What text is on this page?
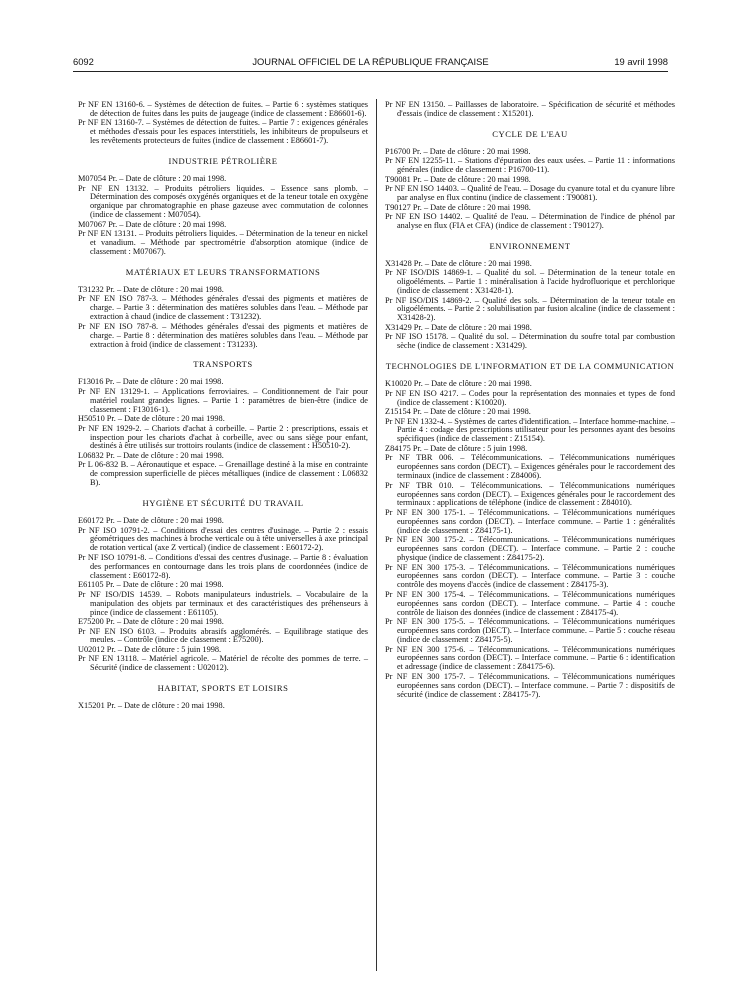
6092	JOURNAL OFFICIEL DE LA RÉPUBLIQUE FRANÇAISE	19 avril 1998
Pr NF EN 13160-6. – Systèmes de détection de fuites. – Partie 6 : systèmes statiques de détection de fuites dans les puits de jaugeage (indice de classement : E86601-6).
Pr NF EN 13160-7. – Systèmes de détection de fuites. – Partie 7 : exigences générales et méthodes d'essais pour les espaces interstitiels, les inhibiteurs de propulseurs et les revêtements protecteurs de fuites (indice de classement : E86601-7).
INDUSTRIE PÉTROLIÈRE
M07054 Pr. – Date de clôture : 20 mai 1998.
Pr NF EN 13132. – Produits pétroliers liquides. – Essence sans plomb. – Détermination des composés oxygénés organiques et de la teneur totale en oxygène organique par chromatographie en phase gazeuse avec commutation de colonnes (indice de classement : M07054).
M07067 Pr. – Date de clôture : 20 mai 1998.
Pr NF EN 13131. – Produits pétroliers liquides. – Détermination de la teneur en nickel et vanadium. – Méthode par spectrométrie d'absorption atomique (indice de classement : M07067).
MATÉRIAUX ET LEURS TRANSFORMATIONS
T31232 Pr. – Date de clôture : 20 mai 1998.
Pr NF EN ISO 787-3. – Méthodes générales d'essai des pigments et matières de charge. – Partie 3 : détermination des matières solubles dans l'eau. – Méthode par extraction à chaud (indice de classement : T31232).
Pr NF EN ISO 787-8. – Méthodes générales d'essai des pigments et matières de charge. – Partie 8 : détermination des matières solubles dans l'eau. – Méthode par extraction à froid (indice de classement : T31233).
TRANSPORTS
F13016 Pr. – Date de clôture : 20 mai 1998.
Pr NF EN 13129-1. – Applications ferroviaires. – Conditionnement de l'air pour matériel roulant grandes lignes. – Partie 1 : paramètres de bien-être (indice de classement : F13016-1).
H50510 Pr. – Date de clôture : 20 mai 1998.
Pr NF EN 1929-2. – Chariots d'achat à corbeille. – Partie 2 : prescriptions, essais et inspection pour les chariots d'achat à corbeille, avec ou sans siège pour enfant, destinés à être utilisés sur trottoirs roulants (indice de classement : H50510-2).
L06832 Pr. – Date de clôture : 20 mai 1998.
Pr L 06-832 B. – Aéronautique et espace. – Grenaillage destiné à la mise en contrainte de compression superficielle de pièces métalliques (indice de classement : L06832 B).
HYGIÈNE ET SÉCURITÉ DU TRAVAIL
E60172 Pr. – Date de clôture : 20 mai 1998.
Pr NF ISO 10791-2. – Conditions d'essai des centres d'usinage. – Partie 2 : essais géométriques des machines à broche verticale ou à tête universelles à axe principal de rotation vertical (axe Z vertical) (indice de classement : E60172-2).
Pr NF ISO 10791-8. – Conditions d'essai des centres d'usinage. – Partie 8 : évaluation des performances en contournage dans les trois plans de coordonnées (indice de classement : E60172-8).
E61105 Pr. – Date de clôture : 20 mai 1998.
Pr NF ISO/DIS 14539. – Robots manipulateurs industriels. – Vocabulaire de la manipulation des objets par terminaux et des caractéristiques des préhenseurs à pince (indice de classement : E61105).
E75200 Pr. – Date de clôture : 20 mai 1998.
Pr NF EN ISO 6103. – Produits abrasifs agglomérés. – Equilibrage statique des meules. – Contrôle (indice de classement : E75200).
U02012 Pr. – Date de clôture : 5 juin 1998.
Pr NF EN 13118. – Matériel agricole. – Matériel de récolte des pommes de terre. – Sécurité (indice de classement : U02012).
HABITAT, SPORTS ET LOISIRS
X15201 Pr. – Date de clôture : 20 mai 1998.
Pr NF EN 13150. – Paillasses de laboratoire. – Spécification de sécurité et méthodes d'essais (indice de classement : X15201).
CYCLE DE L'EAU
P16700 Pr. – Date de clôture : 20 mai 1998.
Pr NF EN 12255-11. – Stations d'épuration des eaux usées. – Partie 11 : informations générales (indice de classement : P16700-11).
T90081 Pr. – Date de clôture : 20 mai 1998.
Pr NF EN ISO 14403. – Qualité de l'eau. – Dosage du cyanure total et du cyanure libre par analyse en flux continu (indice de classement : T90081).
T90127 Pr. – Date de clôture : 20 mai 1998.
Pr NF EN ISO 14402. – Qualité de l'eau. – Détermination de l'indice de phénol par analyse en flux (FIA et CFA) (indice de classement : T90127).
ENVIRONNEMENT
X31428 Pr. – Date de clôture : 20 mai 1998.
Pr NF ISO/DIS 14869-1. – Qualité du sol. – Détermination de la teneur totale en oligoéléments. – Partie 1 : minéralisation à l'acide hydrofluorique et perchlorique (indice de classement : X31428-1).
Pr NF ISO/DIS 14869-2. – Qualité des sols. – Détermination de la teneur totale en oligoéléments. – Partie 2 : solubilisation par fusion alcaline (indice de classement : X31428-2).
X31429 Pr. – Date de clôture : 20 mai 1998.
Pr NF ISO 15178. – Qualité du sol. – Détermination du soufre total par combustion sèche (indice de classement : X31429).
TECHNOLOGIES DE L'INFORMATION ET DE LA COMMUNICATION
K10020 Pr. – Date de clôture : 20 mai 1998.
Pr NF EN ISO 4217. – Codes pour la représentation des monnaies et types de fond (indice de classement : K10020).
Z15154 Pr. – Date de clôture : 20 mai 1998.
Pr NF EN 1332-4. – Systèmes de cartes d'identification. – Interface homme-machine. – Partie 4 : codage des prescriptions utilisateur pour les personnes ayant des besoins spécifiques (indice de classement : Z15154).
Z84175 Pr. – Date de clôture : 5 juin 1998.
Pr NF TBR 006. – Télécommunications. – Télécommunications numériques européennes sans cordon (DECT). – Exigences générales pour le raccordement des terminaux (indice de classement : Z84006).
Pr NF TBR 010. – Télécommunications. – Télécommunications numériques européennes sans cordon (DECT). – Exigences générales pour le raccordement des terminaux : applications de téléphone (indice de classement : Z84010).
Pr NF EN 300 175-1. – Télécommunications. – Télécommunications numériques européennes sans cordon (DECT). – Interface commune. – Partie 1 : généralités (indice de classement : Z84175-1).
Pr NF EN 300 175-2. – Télécommunications. – Télécommunications numériques européennes sans cordon (DECT). – Interface commune. – Partie 2 : couche physique (indice de classement : Z84175-2).
Pr NF EN 300 175-3. – Télécommunications. – Télécommunications numériques européennes sans cordon (DECT). – Interface commune. – Partie 3 : couche contrôle des moyens d'accès (indice de classement : Z84175-3).
Pr NF EN 300 175-4. – Télécommunications. – Télécommunications numériques européennes sans cordon (DECT). – Interface commune. – Partie 4 : couche contrôle de liaison des données (indice de classement : Z84175-4).
Pr NF EN 300 175-5. – Télécommunications. – Télécommunications numériques européennes sans cordon (DECT). – Interface commune. – Partie 5 : couche réseau (indice de classement : Z84175-5).
Pr NF EN 300 175-6. – Télécommunications. – Télécommunications numériques européennes sans cordon (DECT). – Interface commune. – Partie 6 : identification et adressage (indice de classement : Z84175-6).
Pr NF EN 300 175-7. – Télécommunications. – Télécommunications numériques européennes sans cordon (DECT). – Interface commune. – Partie 7 : dispositifs de sécurité (indice de classement : Z84175-7).
